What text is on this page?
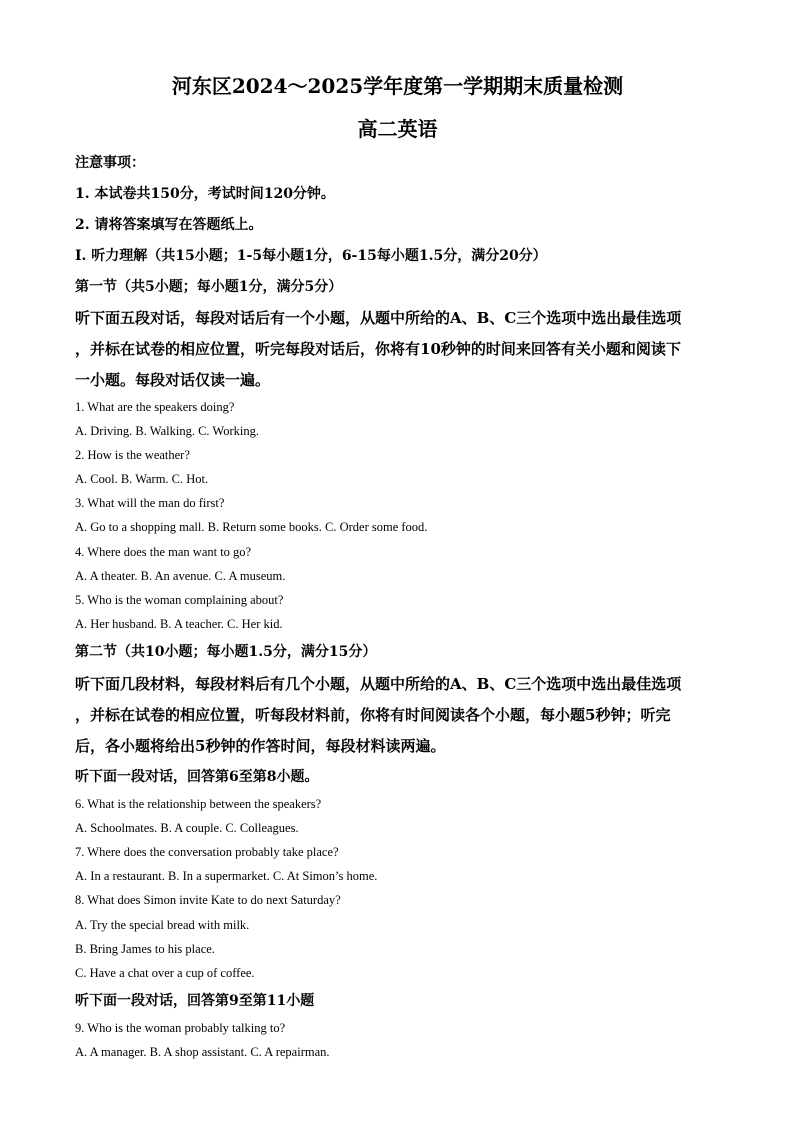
河东区2024～2025学年度第一学期期末质量检测
高二英语
注意事项：
1. 本试卷共150分，考试时间120分钟。
2. 请将答案填写在答题纸上。
Ⅰ. 听力理解（共15小题；1-5每小题1分，6-15每小题1.5分，满分20分）
第一节（共5小题；每小题1分，满分5分）
听下面五段对话，每段对话后有一个小题，从题中所给的A、B、C三个选项中选出最佳选项
，并标在试卷的相应位置，听完每段对话后，你将有10秒钟的时间来回答有关小题和阅读下
一小题。每段对话仅读一遍。
1. What are the speakers doing?
A. Driving. B. Walking. C. Working.
2. How is the weather?
A. Cool. B. Warm. C. Hot.
3. What will the man do first?
A. Go to a shopping mall. B. Return some books. C. Order some food.
4. Where does the man want to go?
A. A theater. B. An avenue. C. A museum.
5. Who is the woman complaining about?
A. Her husband. B. A teacher. C. Her kid.
第二节（共10小题；每小题1.5分，满分15分）
听下面几段材料，每段材料后有几个小题，从题中所给的A、B、C三个选项中选出最佳选项
，并标在试卷的相应位置，听每段材料前，你将有时间阅读各个小题，每小题5秒钟；听完
后，各小题将给出5秒钟的作答时间，每段材料读两遍。
听下面一段对话，回答第6至第8小题。
6. What is the relationship between the speakers?
A. Schoolmates. B. A couple. C. Colleagues.
7. Where does the conversation probably take place?
A. In a restaurant. B. In a supermarket. C. At Simon’s home.
8. What does Simon invite Kate to do next Saturday?
A. Try the special bread with milk.
B. Bring James to his place.
C. Have a chat over a cup of coffee.
听下面一段对话，回答第9至第11小题
9. Who is the woman probably talking to?
A. A manager. B. A shop assistant. C. A repairman.
